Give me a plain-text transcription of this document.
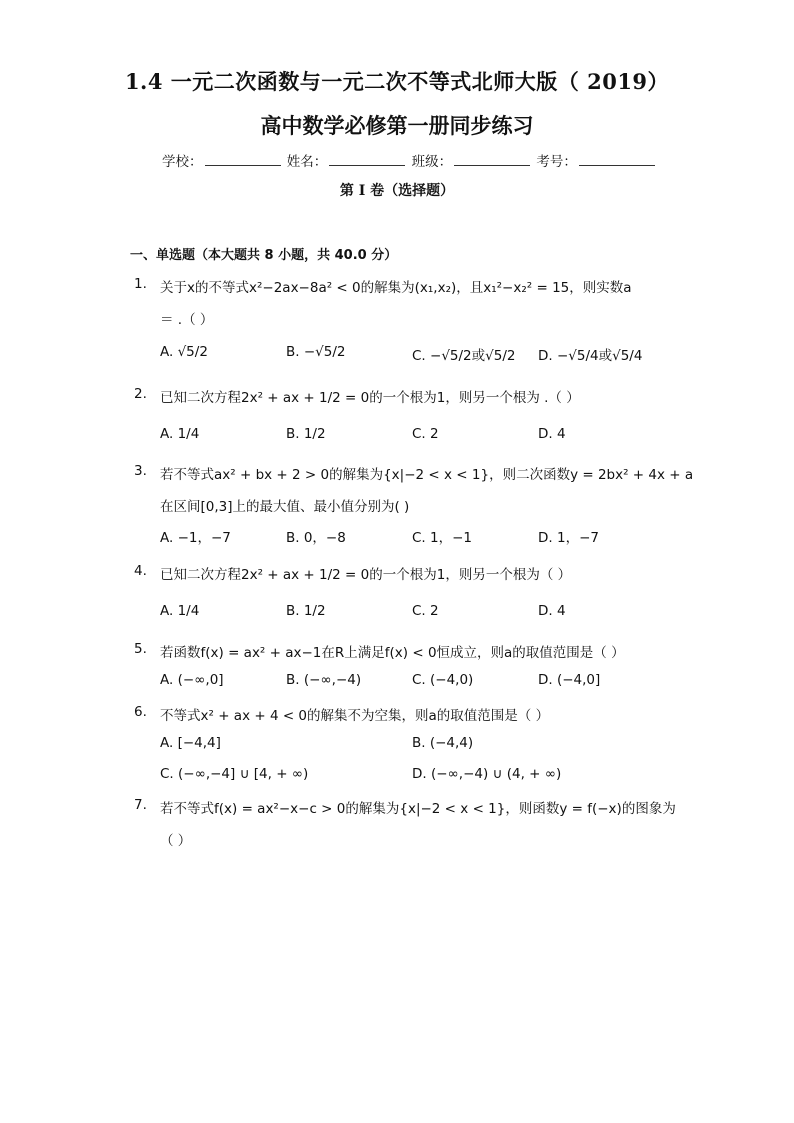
1.4 一元二次函数与一元二次不等式北师大版（ 2019）
高中数学必修第一册同步练习
学校：	姓名：	班级：	考号：
第 I 卷（选择题）
一、单选题（本大题共 8 小题，共 40.0 分）
1. 关于x的不等式x²−2ax−8a² < 0的解集为(x₁,x₂)，且x₁²−x₂² = 15，则实数a
＝ .（ ）
A. √5/2	B. −√5/2	C. −√5/2或√5/2 D. −√5/4或√5/4
2. 已知二次方程2x² + ax + 1/2 = 0的一个根为1，则另一个根为 .（ ）
A. 1/4	B. 1/2	C. 2	D. 4
3. 若不等式ax² + bx + 2 > 0的解集为{x|−2 < x < 1}，则二次函数y = 2bx² + 4x + a
在区间[0,3]上的最大值、最小值分别为( )
A. −1，−7	B. 0，−8	C. 1，−1	D. 1，−7
4. 已知二次方程2x² + ax + 1/2 = 0的一个根为1，则另一个根为（ ）
A. 1/4	B. 1/2	C. 2	D. 4
5. 若函数f(x) = ax² + ax−1在R上满足f(x) < 0恒成立，则a的取值范围是（ ）
A. (−∞,0]	B. (−∞,−4)	C. (−4,0)	D. (−4,0]
6. 不等式x² + ax + 4 < 0的解集不为空集，则a的取值范围是（ ）
A. [−4,4]	B. (−4,4)
C. (−∞,−4] ∪ [4, + ∞)	D. (−∞,−4) ∪ (4, + ∞)
7. 若不等式f(x) = ax²−x−c > 0的解集为{x|−2 < x < 1}，则函数y = f(−x)的图象为
（ ）
